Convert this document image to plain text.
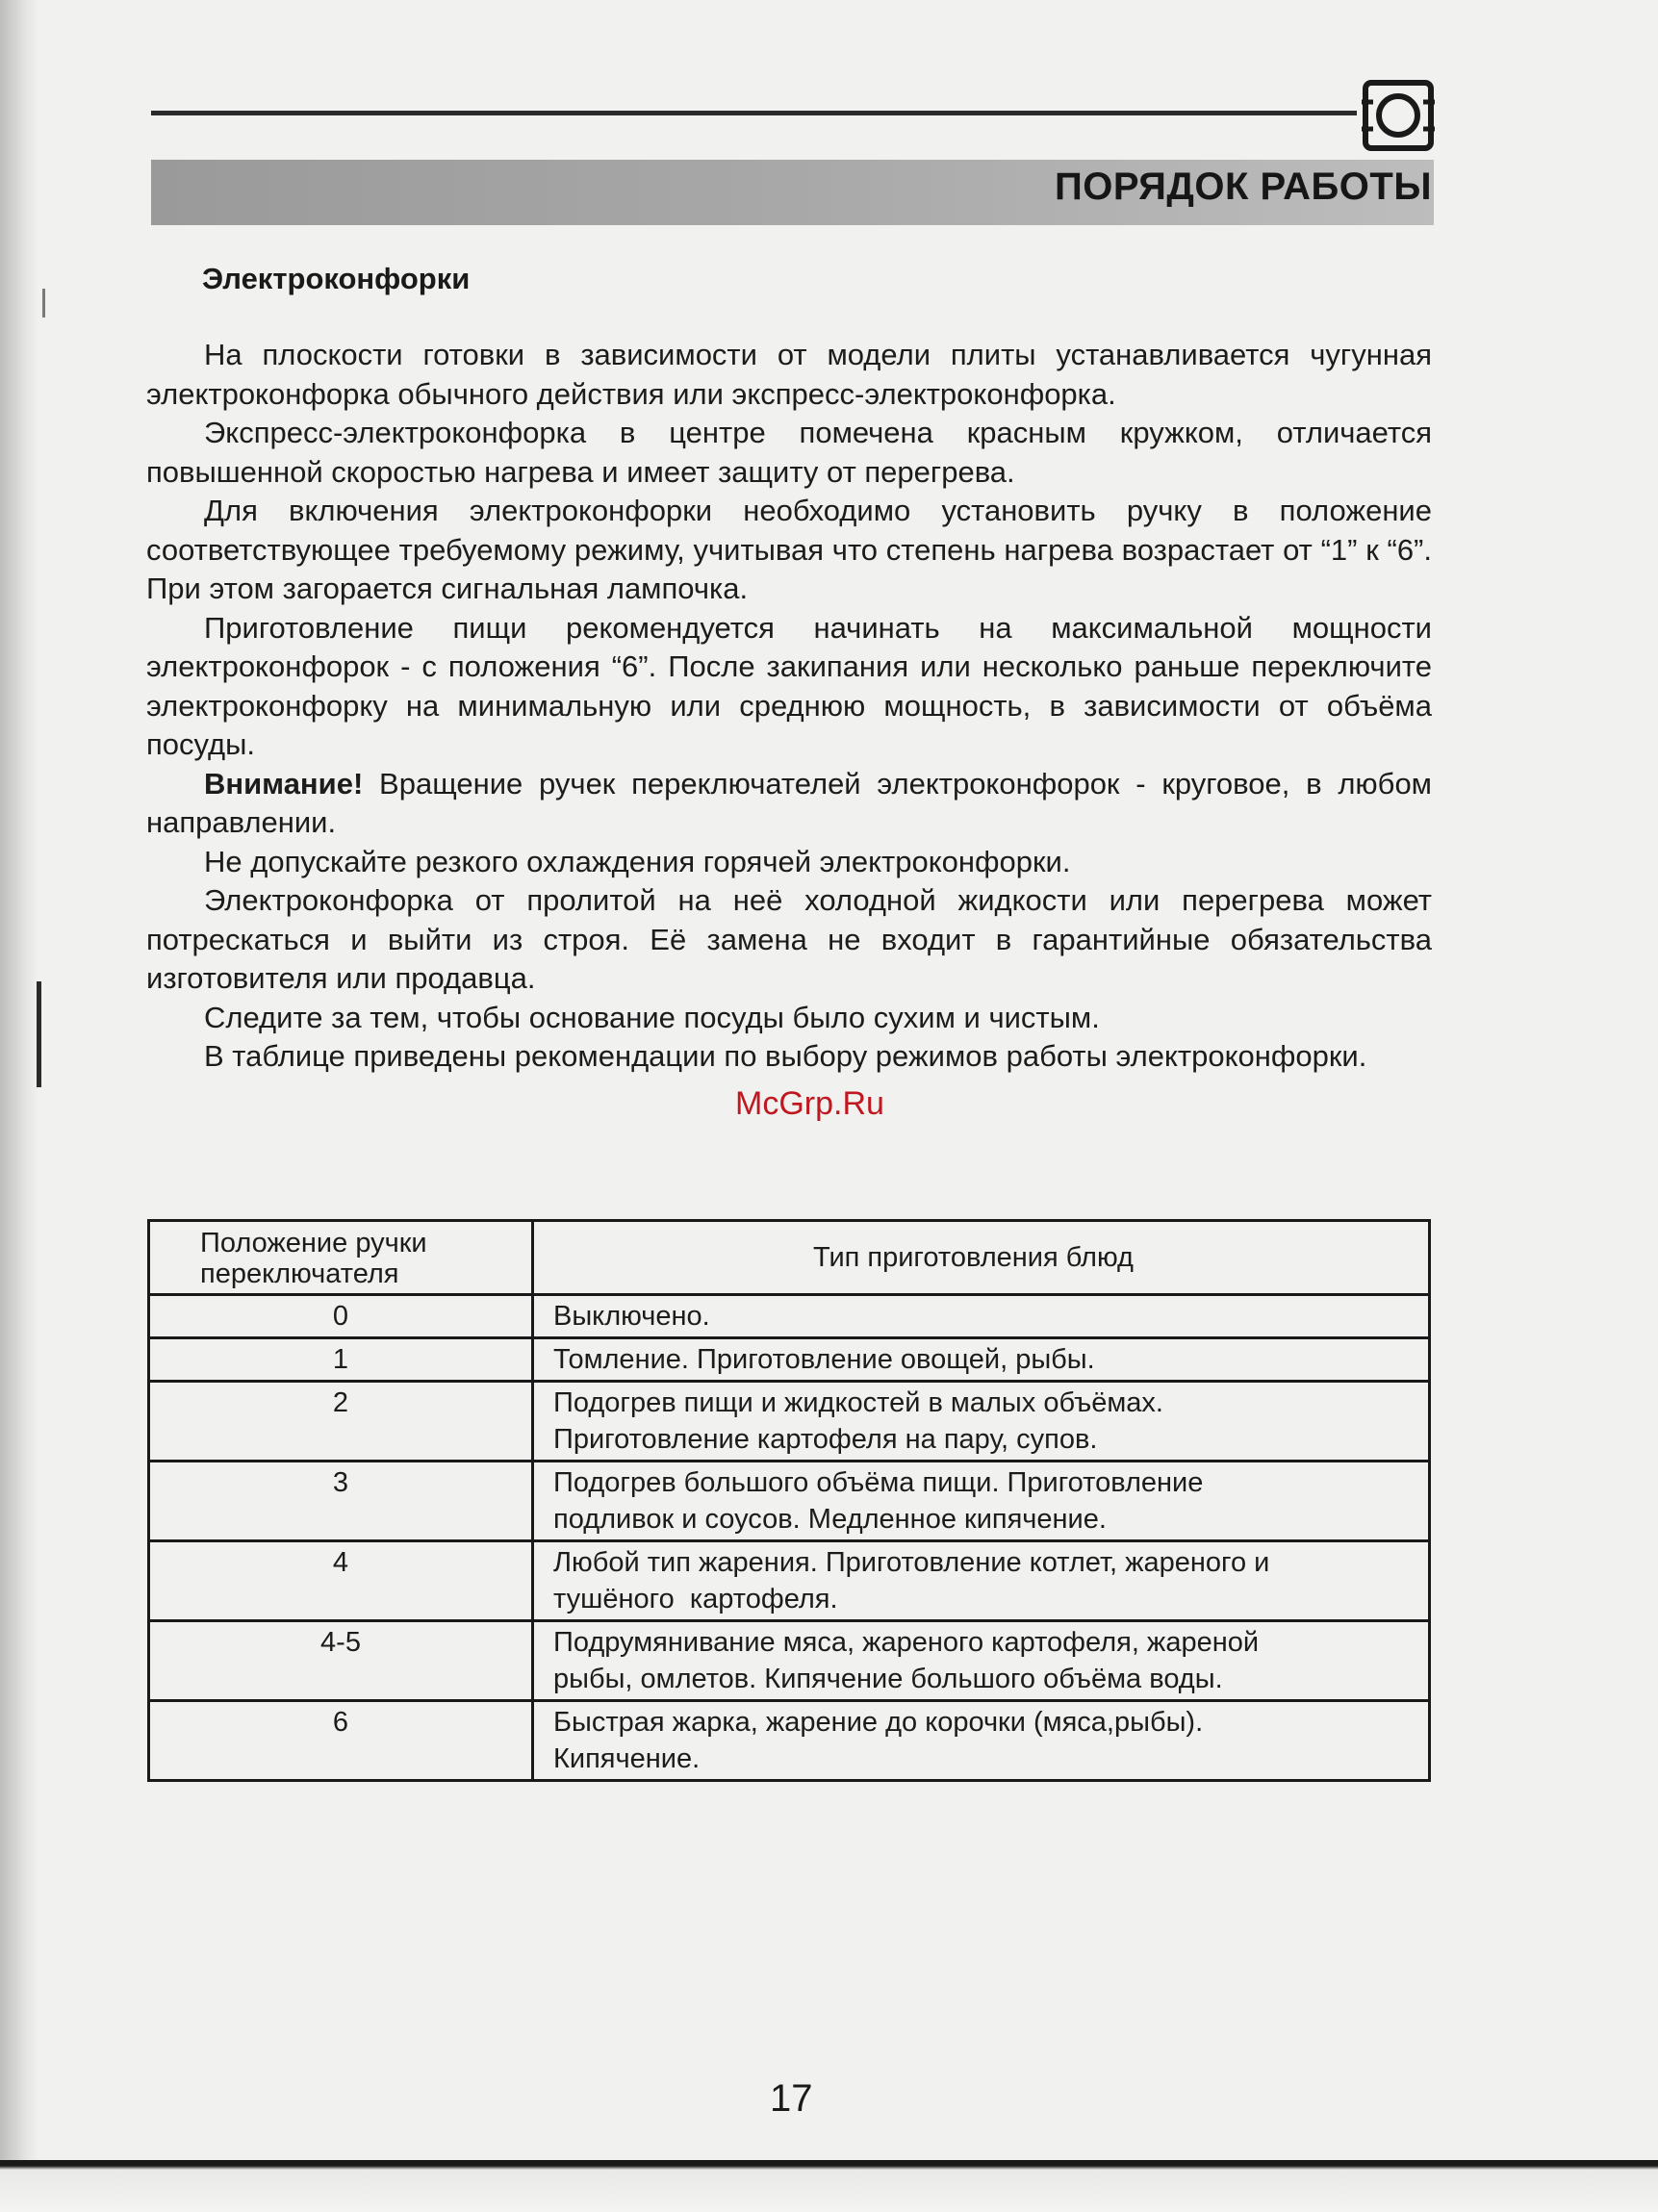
ПОРЯДОК РАБОТЫ
Электроконфорки

На плоскости готовки в зависимости от модели плиты устанавливается чугунная электроконфорка обычного действия или экспресс-электроконфорка.

Экспресс-электроконфорка в центре помечена красным кружком, отличается повышенной скоростью нагрева и имеет защиту от перегрева.

Для включения электроконфорки необходимо установить ручку в положение соответствующее требуемому режиму, учитывая что степень нагрева возрастает от “1” к “6”. При этом загорается сигнальная лампочка.

Приготовление пищи рекомендуется начинать на максимальной мощности электроконфорок - с положения “6”. После закипания или несколько раньше переключите электроконфорку на минимальную или среднюю мощность, в зависимости от объёма посуды.

Внимание! Вращение ручек переключателей электроконфорок - круговое, в любом направлении.

Не допускайте резкого охлаждения горячей электроконфорки.

Электроконфорка от пролитой на неё холодной жидкости или перегрева может потрескаться и выйти из строя. Её замена не входит в гарантийные обязательства изготовителя или продавца.

Следите за тем, чтобы основание посуды было сухим и чистым.

В таблице приведены рекомендации по выбору режимов работы электроконфорки.

McGrp.Ru
Положение ручки переключателя	Тип приготовления блюд
0	Выключено.

1	Томление. Приготовление овощей, рыбы.

2	Подогрев пищи и жидкостей в малых объёмах.
Приготовление картофеля на пару, супов.

3	Подогрев большого объёма пищи. Приготовление
подливок и соусов. Медленное кипячение.

4	Любой тип жарения. Приготовление котлет, жареного и
тушёного  картофеля.

4-5	Подрумянивание мяса, жареного картофеля, жареной
рыбы, омлетов. Кипячение большого объёма воды.

6	Быстрая жарка, жарение до корочки (мяса,рыбы).
Кипячение.
17
